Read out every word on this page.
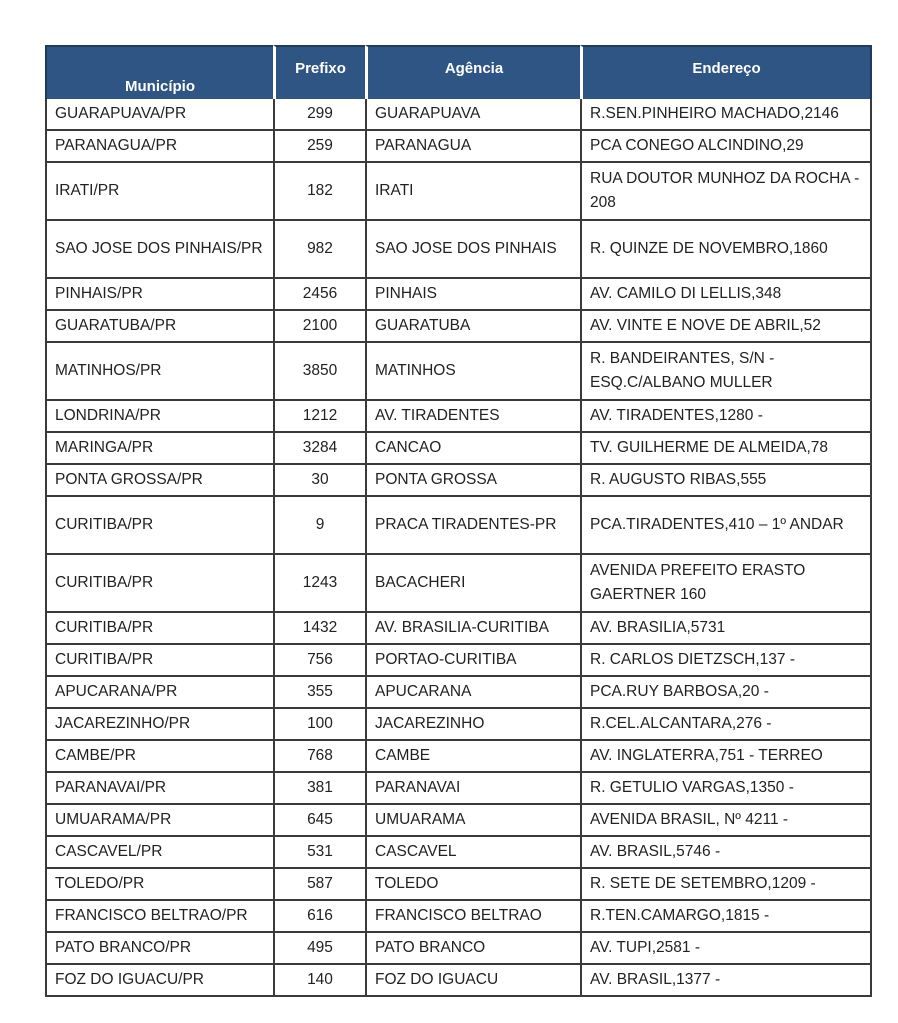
Município	Prefixo	Agência	Endereço
GUARAPUAVA/PR	299	GUARAPUAVA	R.SEN.PINHEIRO MACHADO,2146
PARANAGUA/PR	259	PARANAGUA	PCA CONEGO ALCINDINO,29
IRATI/PR	182	IRATI	RUA DOUTOR MUNHOZ DA ROCHA - 208
SAO JOSE DOS PINHAIS/PR	982	SAO JOSE DOS PINHAIS	R. QUINZE DE NOVEMBRO,1860
PINHAIS/PR	2456	PINHAIS	AV. CAMILO DI LELLIS,348
GUARATUBA/PR	2100	GUARATUBA	AV. VINTE E NOVE DE ABRIL,52
MATINHOS/PR	3850	MATINHOS	R. BANDEIRANTES, S/N - ESQ.C/ALBANO MULLER
LONDRINA/PR	1212	AV. TIRADENTES	AV. TIRADENTES,1280 -
MARINGA/PR	3284	CANCAO	TV. GUILHERME DE ALMEIDA,78
PONTA GROSSA/PR	30	PONTA GROSSA	R. AUGUSTO RIBAS,555
CURITIBA/PR	9	PRACA TIRADENTES-PR	PCA.TIRADENTES,410 – 1º ANDAR
CURITIBA/PR	1243	BACACHERI	AVENIDA PREFEITO ERASTO GAERTNER 160
CURITIBA/PR	1432	AV. BRASILIA-CURITIBA	AV. BRASILIA,5731
CURITIBA/PR	756	PORTAO-CURITIBA	R. CARLOS DIETZSCH,137 -
APUCARANA/PR	355	APUCARANA	PCA.RUY BARBOSA,20 -
JACAREZINHO/PR	100	JACAREZINHO	R.CEL.ALCANTARA,276 -
CAMBE/PR	768	CAMBE	AV. INGLATERRA,751 - TERREO
PARANAVAI/PR	381	PARANAVAI	R. GETULIO VARGAS,1350 -
UMUARAMA/PR	645	UMUARAMA	AVENIDA BRASIL, Nº 4211 -
CASCAVEL/PR	531	CASCAVEL	AV. BRASIL,5746 -
TOLEDO/PR	587	TOLEDO	R. SETE DE SETEMBRO,1209 -
FRANCISCO BELTRAO/PR	616	FRANCISCO BELTRAO	R.TEN.CAMARGO,1815 -
PATO BRANCO/PR	495	PATO BRANCO	AV. TUPI,2581 -
FOZ DO IGUACU/PR	140	FOZ DO IGUACU	AV. BRASIL,1377 -
